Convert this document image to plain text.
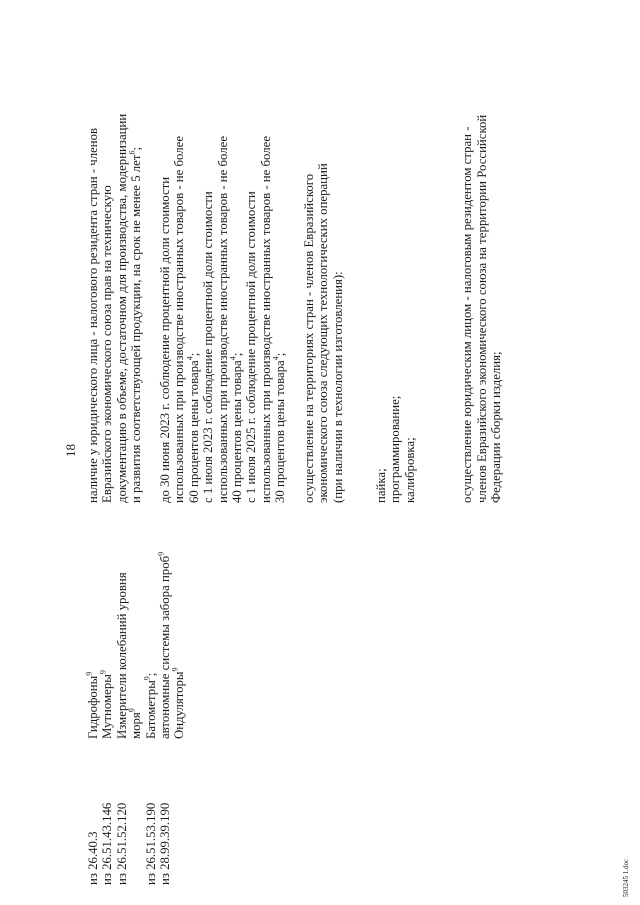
18
из 26.40.3 из 26.51.43.146 из 26.51.52.120 из 26.51.53.190 из 28.99.39.190
Гидрофоны$^9$
Мутномеры$^9$ Измерители колебаний уровня моря$^9$ Батометры$^9$; автономные системы забора проб$^9$
Ондуляторы$^9$
наличие у юридического лица - налогового резидента стран - членов Евразийского экономического союза прав на техническую документацию в объеме, достаточном для производства, модернизации и развития соответствующей продукции, на срок не менее 5 лет$^6$;
до 30 июня 2023 г. соблюдение процентной доли стоимости использованных при производстве иностранных товаров - не более 60 процентов цены товара$^4$; с 1 июля 2023 г. соблюдение процентной доли стоимости использованных при производстве иностранных товаров - не более 40 процентов цены товара$^4$; с 1 июля 2025 г. соблюдение процентной доли стоимости использованных при производстве иностранных товаров - не более 30 процентов цены товара$^4$; осуществление на территориях стран - членов Евразийского экономического союза следующих технологических операций (при наличии в технологии изготовления): пайка; программирование; калибровка;	осуществление юридическим лицом - налоговым резидентом стран - членов Евразийского экономического союза на территории Российской Федерации сборки изделия;
503245 1.doc
